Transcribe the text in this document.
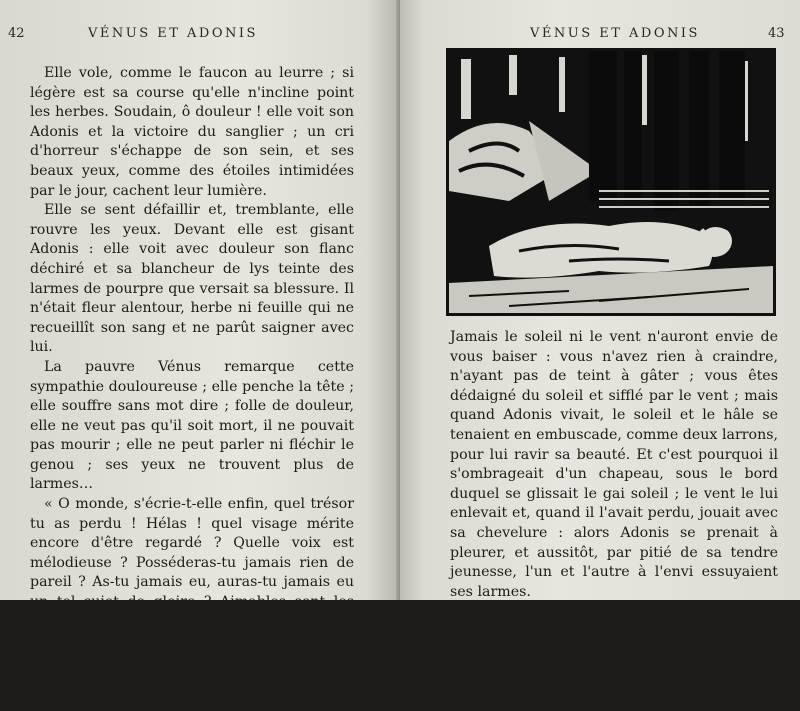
42	VÉNUS ET ADONIS

Elle vole, comme le faucon au leurre ; si légère est sa course qu'elle n'incline point les herbes. Soudain, ô douleur ! elle voit son Adonis et la victoire du sanglier ; un cri d'horreur s'échappe de son sein, et ses beaux yeux, comme des étoiles intimidées par le jour, cachent leur lumière.

Elle se sent défaillir et, tremblante, elle rouvre les yeux. Devant elle est gisant Adonis : elle voit avec douleur son flanc déchiré et sa blancheur de lys teinte des larmes de pourpre que versait sa blessure. Il n'était fleur alentour, herbe ni feuille qui ne recueillît son sang et ne parût saigner avec lui.

La pauvre Vénus remarque cette sympathie douloureuse ; elle penche la tête ; elle souffre sans mot dire ; folle de douleur, elle ne veut pas qu'il soit mort, il ne pouvait pas mourir ; elle ne peut parler ni fléchir le genou ; ses yeux ne trouvent plus de larmes…

« O monde, s'écrie-t-elle enfin, quel trésor tu as perdu ! Hélas ! quel visage mérite encore d'être regardé ? Quelle voix est mélodieuse ? Posséderas-tu jamais rien de pareil ? As-tu jamais eu, auras-tu jamais eu un tel sujet de gloire ? Aimables sont les fleurs, leurs couleurs sont belles et vives, mais la beauté vraiment aimable est morte avec lui.

« Que nul désormais ne porte chapeau ni voile !

VÉNUS ET ADONIS	43

Jamais le soleil ni le vent n'auront envie de vous baiser : vous n'avez rien à craindre, n'ayant pas de teint à gâter ; vous êtes dédaigné du soleil et sifflé par le vent ; mais quand Adonis vivait, le soleil et le hâle se tenaient en embuscade, comme deux larrons, pour lui ravir sa beauté. Et c'est pourquoi il s'ombrageait d'un chapeau, sous le bord duquel se glissait le gai soleil ; le vent le lui enlevait et, quand il l'avait perdu, jouait avec sa chevelure : alors Adonis se prenait à pleurer, et aussitôt, par pitié de sa tendre jeunesse, l'un et l'autre à l'envi essuyaient ses larmes.

« Pour voir son visage, le lion le suivait en se
